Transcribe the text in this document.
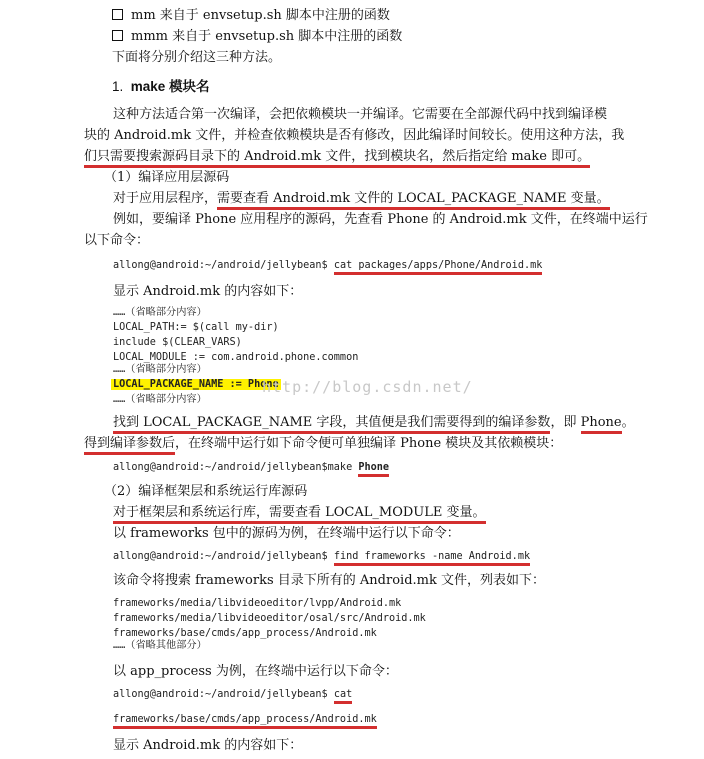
mm 来自于 envsetup.sh 脚本中注册的函数
mmm 来自于 envsetup.sh 脚本中注册的函数
下面将分别介绍这三种方法。
1. make 模块名
这种方法适合第一次编译，会把依赖模块一并编译。它需要在全部源代码中找到编译模
块的 Android.mk 文件，并检查依赖模块是否有修改，因此编译时间较长。使用这种方法，我
们只需要搜索源码目录下的 Android.mk 文件，找到模块名，然后指定给 make 即可。
（1）编译应用层源码
对于应用层程序，需要查看 Android.mk 文件的 LOCAL_PACKAGE_NAME 变量。
例如，要编译 Phone 应用程序的源码，先查看 Phone 的 Android.mk 文件，在终端中运行
以下命令：
allong@android:~/android/jellybean$ cat packages/apps/Phone/Android.mk
显示 Android.mk 的内容如下：
……（省略部分内容）
LOCAL_PATH:= $(call my-dir)
include $(CLEAR_VARS)
LOCAL_MODULE := com.android.phone.common
……（省略部分内容）
LOCAL_PACKAGE_NAME := Phone
……（省略部分内容）
http://blog.csdn.net/
找到 LOCAL_PACKAGE_NAME 字段，其值便是我们需要得到的编译参数，即 Phone。
得到编译参数后，在终端中运行如下命令便可单独编译 Phone 模块及其依赖模块：
allong@android:~/android/jellybean$make Phone
（2）编译框架层和系统运行库源码
对于框架层和系统运行库，需要查看 LOCAL_MODULE 变量。
以 frameworks 包中的源码为例，在终端中运行以下命令：
allong@android:~/android/jellybean$ find frameworks -name Android.mk
该命令将搜索 frameworks 目录下所有的 Android.mk 文件，列表如下：
frameworks/media/libvideoeditor/lvpp/Android.mk
frameworks/media/libvideoeditor/osal/src/Android.mk
frameworks/base/cmds/app_process/Android.mk
……（省略其他部分）
以 app_process 为例，在终端中运行以下命令：
allong@android:~/android/jellybean$ cat
frameworks/base/cmds/app_process/Android.mk
显示 Android.mk 的内容如下：
